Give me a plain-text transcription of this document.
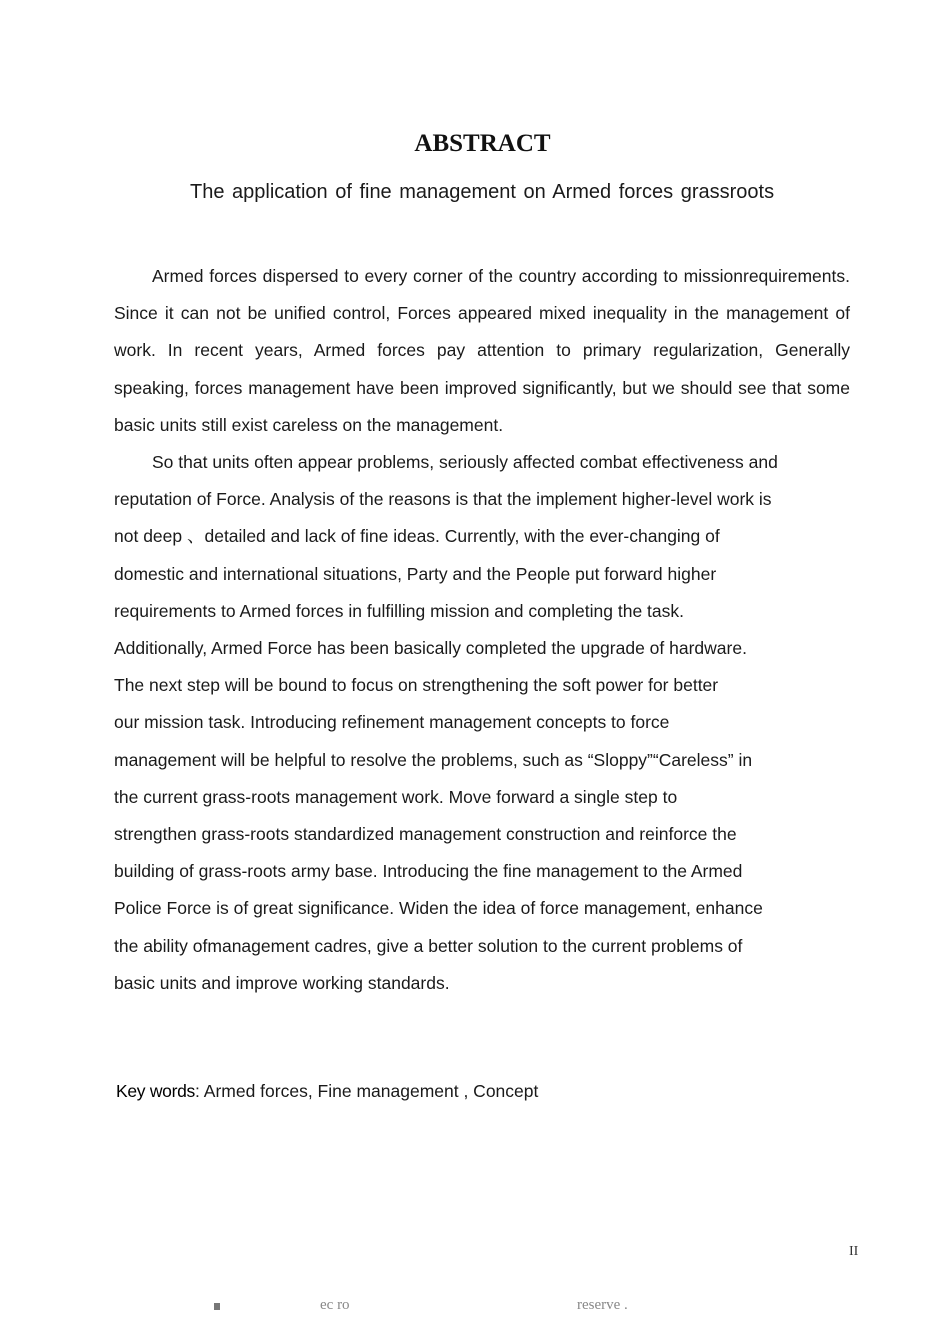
ABSTRACT
The application of fine management on Armed forces grassroots

Armed forces dispersed to every corner of the country according to missionrequirements. Since it can not be unified control, Forces appeared mixed inequality in the management of work. In recent years, Armed forces pay attention to primary regularization, Generally speaking, forces management have been improved significantly, but we should see that some basic units still exist careless on the management.

So that units often appear problems, seriously affected combat effectiveness and
reputation of Force. Analysis of the reasons is that the implement higher-level work is
not deep 、detailed and lack of fine ideas. Currently, with the ever-changing of
domestic and international situations, Party and the People put forward higher
requirements to Armed forces in fulfilling mission and completing the task.
Additionally, Armed Force has been basically completed the upgrade of hardware.
The next step will be bound to focus on strengthening the soft power for better
our mission task. Introducing refinement management concepts to force
management will be helpful to resolve the problems, such as “Sloppy”“Careless” in
the current grass-roots management work. Move forward a single step to
strengthen grass-roots standardized management construction and reinforce the
building of grass-roots army base. Introducing the fine management to the Armed
Police Force is of great significance. Widen the idea of force management, enhance
the ability ofmanagement cadres, give a better solution to the current problems of
basic units and improve working standards.

Key words: Armed forces, Fine management , Concept
II
ec ro	reserve .
